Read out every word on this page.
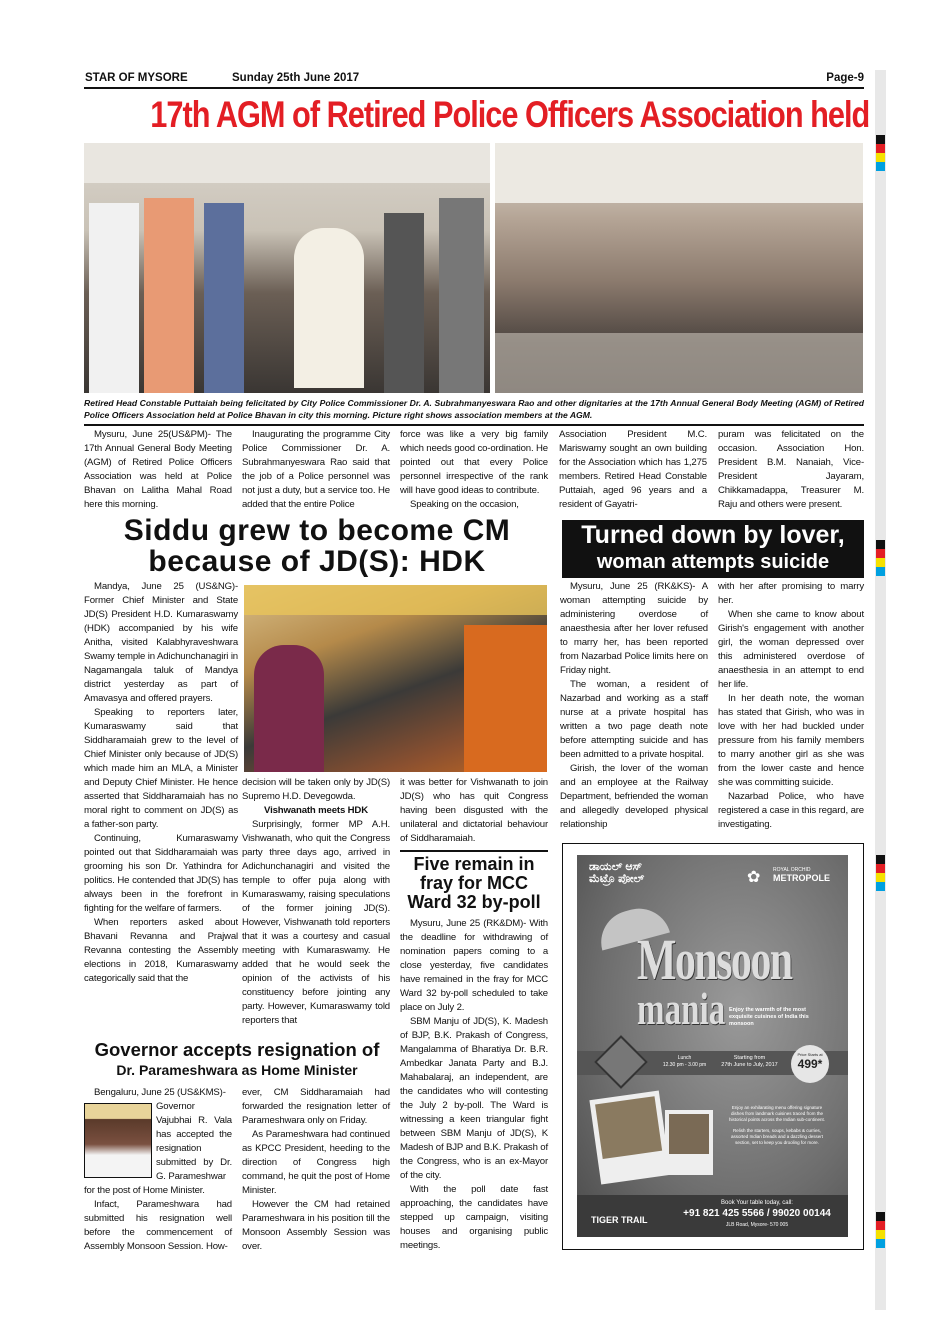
STAR OF MYSORE	Sunday 25th June 2017	Page-9
17th AGM of Retired Police Officers Association held
Retired Head Constable Puttaiah being felicitated by City Police Commissioner Dr. A. Subrahmanyeswara Rao and other dignitaries at the 17th Annual General Body Meeting (AGM) of Retired Police Officers Association held at Police Bhavan in city this morning. Picture right shows association members at the AGM.

Mysuru, June 25(US&PM)- The 17th Annual General Body Meeting (AGM) of Retired Police Officers Association was held at Police Bhavan on Lalitha Mahal Road here this morning.

Inaugurating the programme City Police Commissioner Dr. A. Subrahmanyeswara Rao said that the job of a Police personnel was not just a duty, but a service too. He added that the entire Police

force was like a very big family which needs good co-ordination. He pointed out that every Police personnel irrespective of the rank will have good ideas to contribute.

Speaking on the occasion,

Association President M.C. Mariswamy sought an own building for the Association which has 1,275 members. Retired Head Constable Puttaiah, aged 96 years and a resident of Gayatri-

puram was felicitated on the occasion. Association Hon. President B.M. Nanaiah, Vice-President Jayaram, Chikkamadappa, Treasurer M. Raju and others were present.

Siddu grew to become CM
because of JD(S): HDK

Mandya, June 25 (US&NG)- Former Chief Minister and State JD(S) President H.D. Kumaraswamy (HDK) accompanied by his wife Anitha, visited Kalabhyraveshwara Swamy temple in Adichunchanagiri in Nagamangala taluk of Mandya district yesterday as part of Amavasya and offered prayers.

Speaking to reporters later, Kumaraswamy said that Siddharamaiah grew to the level of Chief Minister only because of JD(S) which made him an MLA, a Minister and Deputy Chief Minister. He hence asserted that Siddharamaiah has no moral right to comment on JD(S) as a father-son party.

Continuing, Kumaraswamy pointed out that Siddharamaiah was grooming his son Dr. Yathindra for politics. He contended that JD(S) has always been in the forefront in fighting for the welfare of farmers.

When reporters asked about Bhavani Revanna and Prajwal Revanna contesting the Assembly elections in 2018, Kumaraswamy categorically said that the

decision will be taken only by JD(S) Supremo H.D. Devegowda.

Vishwanath meets HDK

Surprisingly, former MP A.H. Vishwanath, who quit the Congress party three days ago, arrived in Adichunchanagiri and visited the temple to offer puja along with Kumaraswamy, raising speculations of the former joining JD(S). However, Vishwanath told reporters that it was a courtesy and casual meeting with Kumaraswamy. He added that he would seek the opinion of the activists of his constituency before jointing any party. However, Kumaraswamy told reporters that

it was better for Vishwanath to join JD(S) who has quit Congress having been disgusted with the unilateral and dictatorial behaviour of Siddharamaiah.

Five remain in
fray for MCC
Ward 32 by-poll

Mysuru, June 25 (RK&DM)- With the deadline for withdrawing of nomination papers coming to a close yesterday, five candidates have remained in the fray for MCC Ward 32 by-poll scheduled to take place on July 2.

SBM Manju of JD(S), K. Madesh of BJP, B.K. Prakash of Congress, Mangalamma of Bharatiya Dr. B.R. Ambedkar Janata Party and B.J. Mahabalaraj, an independent, are the candidates who will contesting the July 2 by-poll. The Ward is witnessing a keen triangular fight between SBM Manju of JD(S), K Madesh of BJP and B.K. Prakash of the Congress, who is an ex-Mayor of the city.

With the poll date fast approaching, the candidates have stepped up campaign, visiting houses and organising public meetings.

Turned down by lover,
woman attempts suicide

Mysuru, June 25 (RK&KS)- A woman attempting suicide by administering overdose of anaesthesia after her lover refused to marry her, has been reported from Nazarbad Police limits here on Friday night.

The woman, a resident of Nazarbad and working as a staff nurse at a private hospital has written a two page death note before attempting suicide and has been admitted to a private hospital.

Girish, the lover of the woman and an employee at the Railway Department, befriended the woman and allegedly developed physical relationship

with her after promising to marry her.

When she came to know about Girish's engagement with another girl, the woman depressed over this administered overdose of anaesthesia in an attempt to end her life.

In her death note, the woman has stated that Girish, who was in love with her had buckled under pressure from his family members to marry another girl as she was from the lower caste and hence she was committing suicide.

Nazarbad Police, who have registered a case in this regard, are investigating.

ಡಾಯಲ್ ಆಸ್ ಮೆಟ್ರೊ ಪೋಲ್	✿	ROYAL ORCHID
METROPOLE
Monsoon
mania Enjoy the warmth of the most exquisite cuisines of India this monsoon
Lunch
12.30 pm - 3.00 pm
Starting from
27th June to July, 2017
Price Starts at
499*
Enjoy an exhilarating menu offering signature dishes from landmark cuisines traced from the historical points across the Indian sub-continent.
Relish the starters, soups, kebabs & curries, assorted Indian breads and a dazzling dessert section, set to keep you drooling for more.
TIGER TRAIL
Book Your table today, call:
+91 821 425 5566 / 99020 00144
JLB Road, Mysore- 570 005
Governor accepts resignation of
Dr. Parameshwara as Home Minister

Bengaluru, June 25 (US&KMS)-

Governor Vajubhai R. Vala has accepted the resignation submitted by Dr. G. Parameshwar

for the post of Home Minister.

Infact, Parameshwara had submitted his resignation well before the commencement of Assembly Monsoon Session. How-

ever, CM Siddharamaiah had forwarded the resignation letter of Parameshwara only on Friday.

As Parameshwara had continued as KPCC President, heeding to the direction of Congress high command, he quit the post of Home Minister.

However the CM had retained Parameshwara in his position till the Monsoon Assembly Session was over.
